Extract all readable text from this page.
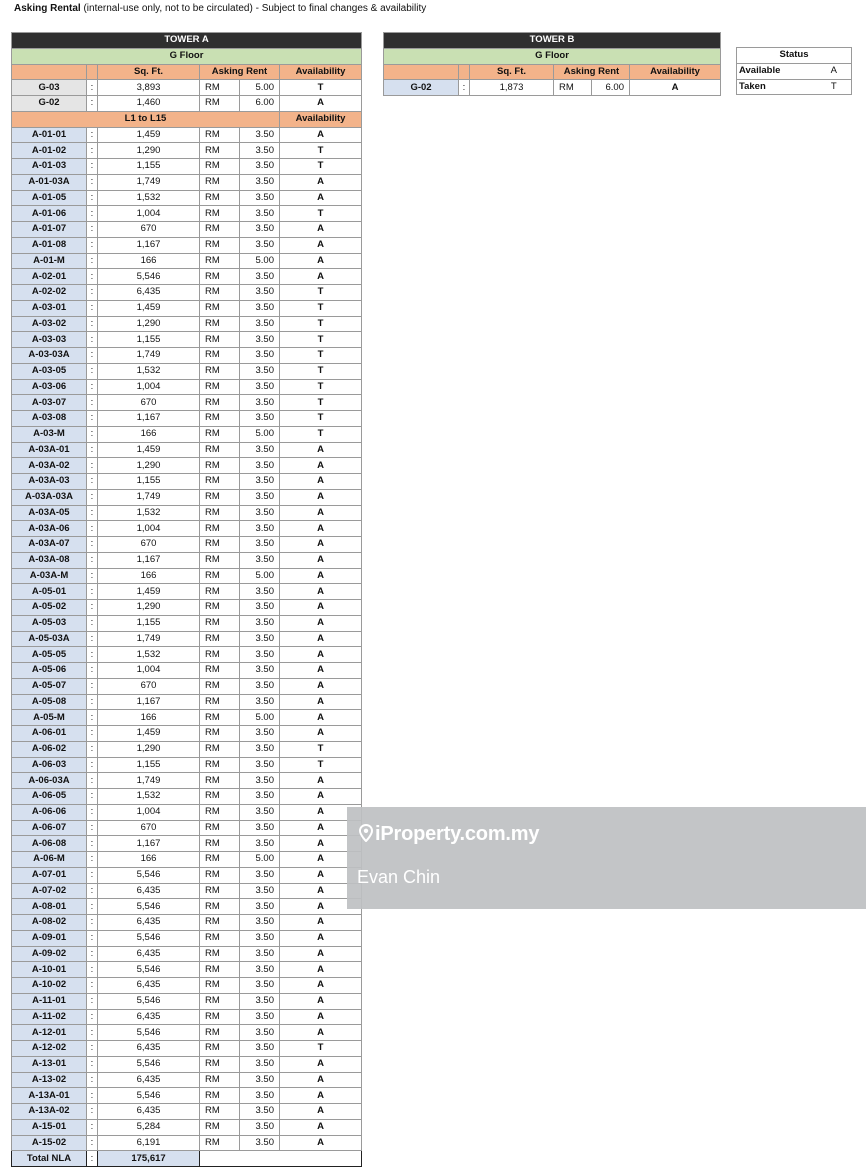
Asking Rental (internal-use only, not to be circulated) - Subject to final changes & availability
TOWER A					
G Floor					
		Sq. Ft.	Asking Rent		Availability
G-03	:	3,893	RM	5.00	T
G-02	:	1,460	RM	6.00	A
L1 to L15					Availability
A-01-01	:	1,459	RM	3.50	A
A-01-02	:	1,290	RM	3.50	T
A-01-03	:	1,155	RM	3.50	T
A-01-03A	:	1,749	RM	3.50	A
A-01-05	:	1,532	RM	3.50	A
A-01-06	:	1,004	RM	3.50	T
A-01-07	:	670	RM	3.50	A
A-01-08	:	1,167	RM	3.50	A
A-01-M	:	166	RM	5.00	A
A-02-01	:	5,546	RM	3.50	A
A-02-02	:	6,435	RM	3.50	T
A-03-01	:	1,459	RM	3.50	T
A-03-02	:	1,290	RM	3.50	T
A-03-03	:	1,155	RM	3.50	T
A-03-03A	:	1,749	RM	3.50	T
A-03-05	:	1,532	RM	3.50	T
A-03-06	:	1,004	RM	3.50	T
A-03-07	:	670	RM	3.50	T
A-03-08	:	1,167	RM	3.50	T
A-03-M	:	166	RM	5.00	T
A-03A-01	:	1,459	RM	3.50	A
A-03A-02	:	1,290	RM	3.50	A
A-03A-03	:	1,155	RM	3.50	A
A-03A-03A	:	1,749	RM	3.50	A
A-03A-05	:	1,532	RM	3.50	A
A-03A-06	:	1,004	RM	3.50	A
A-03A-07	:	670	RM	3.50	A
A-03A-08	:	1,167	RM	3.50	A
A-03A-M	:	166	RM	5.00	A
A-05-01	:	1,459	RM	3.50	A
A-05-02	:	1,290	RM	3.50	A
A-05-03	:	1,155	RM	3.50	A
A-05-03A	:	1,749	RM	3.50	A
A-05-05	:	1,532	RM	3.50	A
A-05-06	:	1,004	RM	3.50	A
A-05-07	:	670	RM	3.50	A
A-05-08	:	1,167	RM	3.50	A
A-05-M	:	166	RM	5.00	A
A-06-01	:	1,459	RM	3.50	A
A-06-02	:	1,290	RM	3.50	T
A-06-03	:	1,155	RM	3.50	T
A-06-03A	:	1,749	RM	3.50	A
A-06-05	:	1,532	RM	3.50	A
A-06-06	:	1,004	RM	3.50	A
A-06-07	:	670	RM	3.50	A
A-06-08	:	1,167	RM	3.50	A
A-06-M	:	166	RM	5.00	A
A-07-01	:	5,546	RM	3.50	A
A-07-02	:	6,435	RM	3.50	A
A-08-01	:	5,546	RM	3.50	A
A-08-02	:	6,435	RM	3.50	A
A-09-01	:	5,546	RM	3.50	A
A-09-02	:	6,435	RM	3.50	A
A-10-01	:	5,546	RM	3.50	A
A-10-02	:	6,435	RM	3.50	A
A-11-01	:	5,546	RM	3.50	A
A-11-02	:	6,435	RM	3.50	A
A-12-01	:	5,546	RM	3.50	A
A-12-02	:	6,435	RM	3.50	T
A-13-01	:	5,546	RM	3.50	A
A-13-02	:	6,435	RM	3.50	A
A-13A-01	:	5,546	RM	3.50	A
A-13A-02	:	6,435	RM	3.50	A
A-15-01	:	5,284	RM	3.50	A
A-15-02	:	6,191	RM	3.50	A
Total NLA	:	175,617			
TOWER B					
G Floor					
		Sq. Ft.	Asking Rent		Availability
G-02	:	1,873	RM	6.00	A
Status	
Available	A
Taken	T
iProperty.com.my
Evan Chin
